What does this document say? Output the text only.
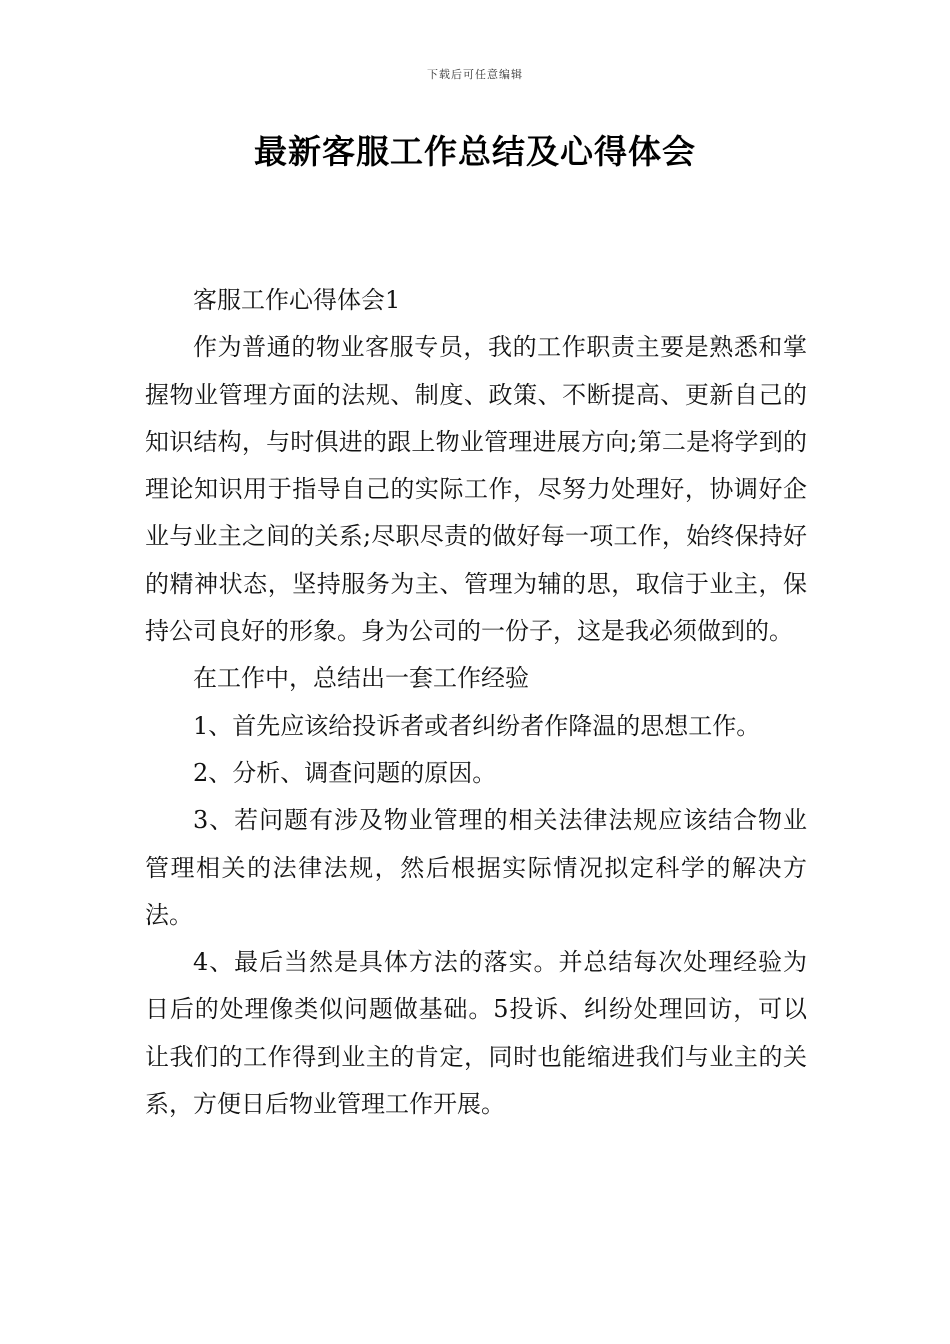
下载后可任意编辑
最新客服工作总结及心得体会

客服工作心得体会1

作为普通的物业客服专员，我的工作职责主要是熟悉和掌握物业管理方面的法规、制度、政策、不断提高、更新自己的知识结构，与时俱进的跟上物业管理进展方向;第二是将学到的理论知识用于指导自己的实际工作，尽努力处理好，协调好企业与业主之间的关系;尽职尽责的做好每一项工作，始终保持好的精神状态，坚持服务为主、管理为辅的思，取信于业主，保持公司良好的形象。身为公司的一份子，这是我必须做到的。

在工作中，总结出一套工作经验

1、首先应该给投诉者或者纠纷者作降温的思想工作。

2、分析、调查问题的原因。

3、若问题有涉及物业管理的相关法律法规应该结合物业管理相关的法律法规，然后根据实际情况拟定科学的解决方法。

4、最后当然是具体方法的落实。并总结每次处理经验为日后的处理像类似问题做基础。5投诉、纠纷处理回访，可以让我们的工作得到业主的肯定，同时也能缩进我们与业主的关系，方便日后物业管理工作开展。
